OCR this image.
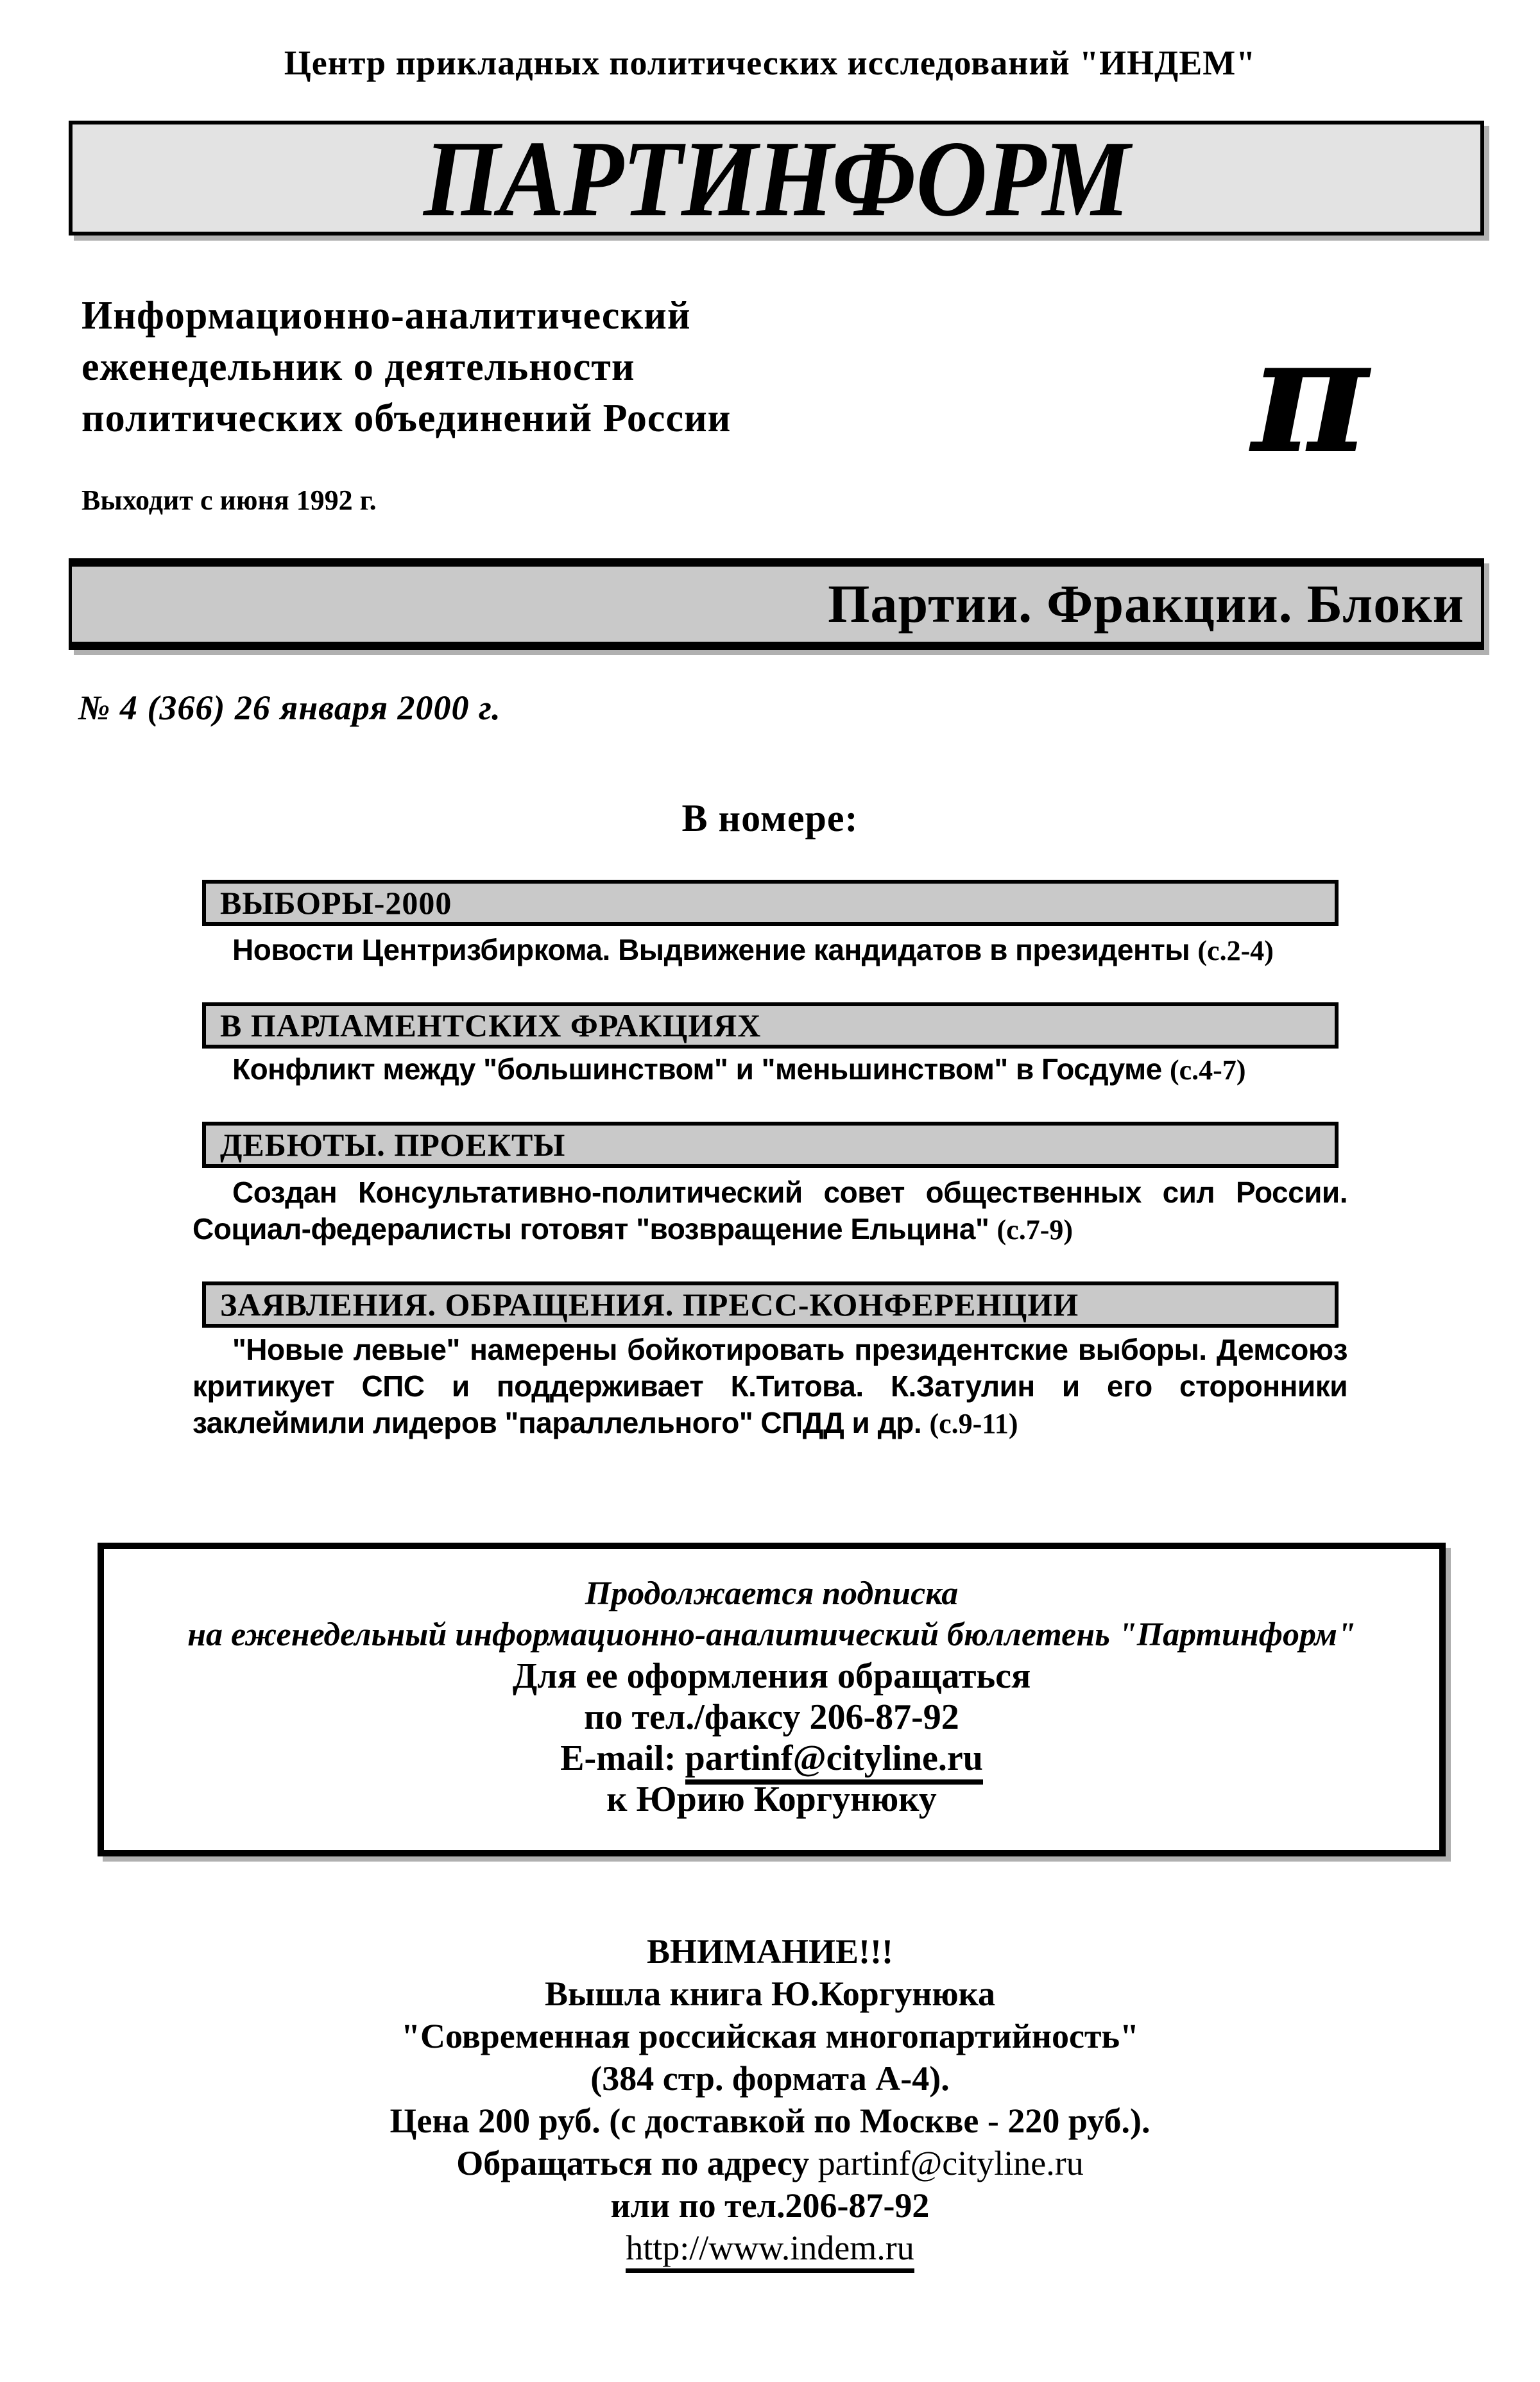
Центр прикладных политических исследований "ИНДЕМ"
ПАРТИНФОРМ
Информационно-аналитический
еженедельник о деятельности
политических объединений России	π
Выходит с июня 1992 г.
Партии. Фракции. Блоки
№ 4 (366) 26 января 2000 г.
В номере:
ВЫБОРЫ-2000

Новости Центризбиркома. Выдвижение кандидатов в президенты (с.2-4)

В ПАРЛАМЕНТСКИХ ФРАКЦИЯХ

Конфликт между "большинством" и "меньшинством" в Госдуме (с.4-7)

ДЕБЮТЫ. ПРОЕКТЫ

Создан Консультативно-политический совет общественных сил России. Социал-федералисты готовят "возвращение Ельцина" (с.7-9)

ЗАЯВЛЕНИЯ. ОБРАЩЕНИЯ. ПРЕСС-КОНФЕРЕНЦИИ

"Новые левые" намерены бойкотировать президентские выборы. Демсоюз критикует СПС и поддерживает К.Титова. К.Затулин и его сторонники заклеймили лидеров "параллельного" СПДД и др. (с.9-11)

Продолжается подписка
на еженедельный информационно-аналитический бюллетень "Партинформ"
Для ее оформления обращаться
по тел./факсу 206-87-92
E-mail: partinf@cityline.ru
к Юрию Коргунюку
ВНИМАНИЕ!!!
Вышла книга Ю.Коргунюка
"Современная российская многопартийность"
(384 стр. формата А-4).
Цена 200 руб. (с доставкой по Москве - 220 руб.).
Обращаться по адресу partinf@cityline.ru
или по тел.206-87-92
http://www.indem.ru
